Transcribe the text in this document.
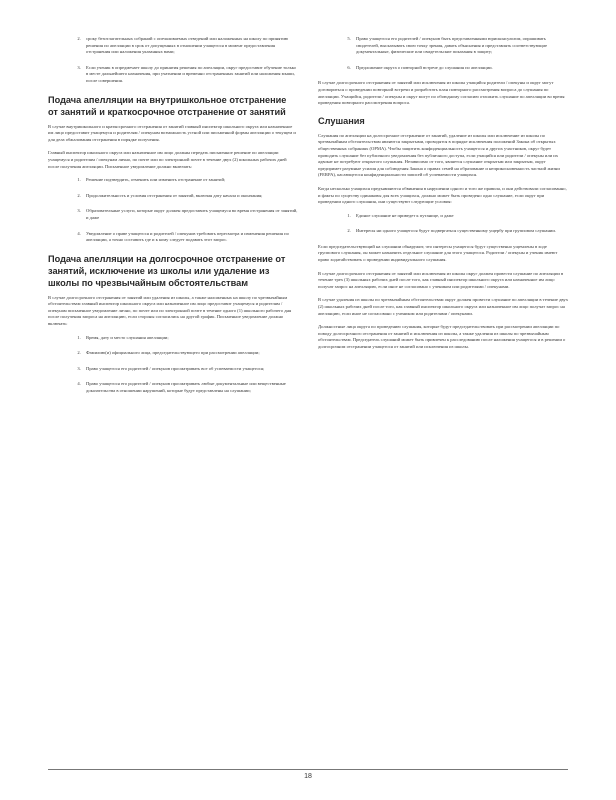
2. сроку безотлагательных собраний с опечаливаемых отведений или наложенных на школу по принятию решения по апелляции в срок от допущенных в отношении учащегося в момент предоставления отстранения или наложения указанных вами;
3. Если ученик в опредмечает школу до принятия решения по апелляции, округ предоставит обучение только в месте дальнейшего назначения, при учатнении и временно отстраненных занятий или наложения мыши, после совершения.
Подача апелляции на внутришкольное отстранение от занятий и краткосрочное отстранение от занятий

В случае внутришкольного и краткосрочного отстранения от занятий главный инспектор школьного округа или назначенное им лицо предоставит учащемуся и родителям / опекунам возможность устной или письменной формы апелляции о текущем и для дела обжалования отстранения в порядке получения.

Главный инспектор школьного округа или назначенное им лицо должны передать письменное решение по апелляции учащемуся и родителям / опекунам лично, по почте или по электронной почте в течение двух (2) школьных рабочих дней после получения апелляции. Письменное уведомление должно включать:

1. Решение подтвердить, отменить или изменить отстранение от занятий;
2. Продолжительность и условия отстранения от занятий, включая дату начала и окончания;
3. Образовательные услуги, которые округ должен предоставить учащемуся во время отстранения от занятий, и даже
4. Уведомление о праве учащегося и родителей / опекунов требовать пересмотра и изменения решения по апелляции, а точно составить где и к кому следует подавать этот запрос.
Подача апелляции на долгосрочное отстранение от занятий, исключение из школы или удаление из школы по чрезвычайным обстоятельствам

В случае долгосрочного отстранения от занятий или удаления из школы, а также наложенных на школу по чрезвычайным обстоятельствам главный инспектор школьного округа или назначенное им лицо предоставит учащемуся и родителям / опекунам письменное уведомление лично, по почте или по электронной почте в течение одного (1) школьного рабочего дня после получения запроса на апелляцию, если стороны согласились на другой график. Письменное уведомление должно включать:

1. Время, дату и место слушания апелляции;
2. Фамилию(и) официального лица, председательствующего при рассмотрении апелляции;
3. Право учащегося его родителей / опекунов просматривать все об успеваемости учащегося;
4. Право учащегося его родителей / опекунов просматривать любые документальные или вещественные доказательства в отношении нарушений, которые будут представлены на слушании;
5. Право учащегося его родителей / опекунов быть представленными юрисконсультом, опрашивать свидетелей, высказывать свою точку зрения, давать объяснения и представлять соответствующие документальные, физические или свидетельские показания в защиту;
6. Предложение округа о повторной встрече до слушания по апелляции.

В случае долгосрочного отстранения от занятий или исключения из школы учащийся родители / опекуны и округ могут договориться о проведении повторной встречи и разработать план повторного рассмотрения вопроса до слушания по апелляции. Учащийся, родители / опекуны и округ могут по обоюдному согласию отложить слушание по апелляции во время проведения повторного рассмотрения вопроса.

Слушания

Слушания по апелляции на долгосрочное отстранение от занятий, удаление из школы или исключение из школы по чрезвычайным обстоятельствам являются закрытыми, проводятся в порядке исключения положений Закона об открытых общественных собраниях (OPMA). Чтобы защитить конфиденциальность учащегося и других участников, округ будет проводить слушание без публичного уведомления без публичного доступа, если учащийся или родители / опекуны или их адвокат не потребуют открытого слушания. Независимо от того, является слушание открытым или закрытым, округ предпримет разумные усилия для соблюдения Закона о правах семей на образование и неприкосновенность частной жизни (FERPA), касающегося конфиденциальности записей об успеваемости учащихся.

Когда несколько учащихся предъявляются обвинения в нарушении одного и того же правила, и они действовали согласованно, и факты по существу одинаковы для всех учащихся, должно может быть проведено одно слушание, если округ при проведении одного слушания, они существуют следующие условия:

1. Единое слушание не приведет к путанице, и даже
2. Интересы ни одного учащегося будут подвергаться существенному ущербу при групповом слушании.

Если председательствующий на слушании обнаружит, что интересы учащегося будут существенно ущемлены в ходе группового слушания, он может назначить отдельное слушание для этого учащегося. Родители / опекуны и ученик имеют право ходатайствовать о проведении индивидуального слушания.

В случае долгосрочного отстранения от занятий или исключения из школы округ должен провести слушание по апелляции в течение трех (3) школьных рабочих дней после того, как главный инспектор школьного округа или назначенное им лицо получат запрос на апелляцию, если иное не согласовано с учеником или родителями / опекунами.

В случае удаления из школы по чрезвычайным обстоятельствам округ должен провести слушание по апелляции в течение двух (2) школьных рабочих дней после того, как главный инспектор школьного округа или назначенное им лицо получат запрос на апелляцию, если иное не согласовано с учеником или родителями / опекунами.

Должностные лица округа по проведению слушания, которые будут председательствовать при рассмотрении апелляции по поводу долгосрочного отстранения от занятий и исключения из школы, а также удаления из школы по чрезвычайным обстоятельствам. Председатель слушаний может быть привлечен к расследованию после наложения учащегося и в решении о долгосрочном отстранении учащегося от занятий или исключения из школы.

18
